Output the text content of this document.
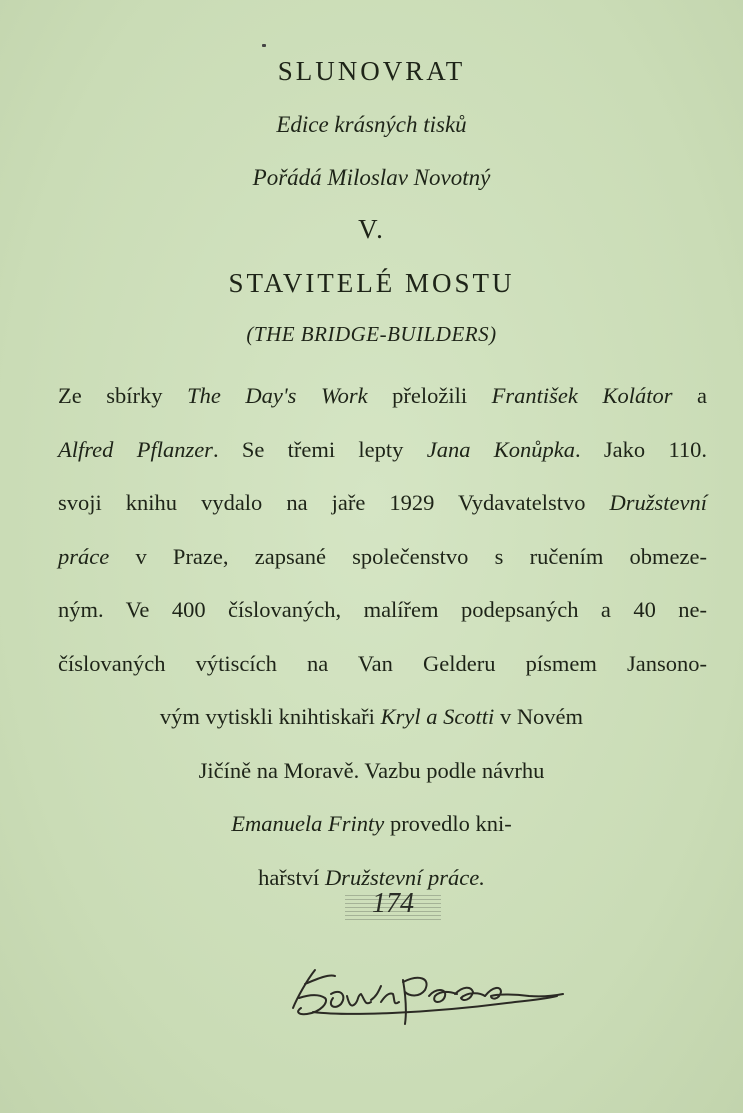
SLUNOVRAT
Edice krásných tisků
Pořádá Miloslav Novotný
V.
STAVITELÉ MOSTU
(THE BRIDGE-BUILDERS)
Ze sbírky The Day's Work přeložili František Kolátor a
Alfred Pflanzer. Se třemi lepty Jana Konůpka. Jako 110.
svoji knihu vydalo na jaře 1929 Vydavatelstvo Družstevní
práce v Praze, zapsané společenstvo s ručením obmeze-
ným. Ve 400 číslovaných, malířem podepsaných a 40 ne-
číslovaných výtiscích na Van Gelderu písmem Jansono-
vým vytiskli knihtiskaři Kryl a Scotti v Novém
Jičíně na Moravě. Vazbu podle návrhu
Emanuela Frinty provedlo kni-
hařství Družstevní práce.
174
